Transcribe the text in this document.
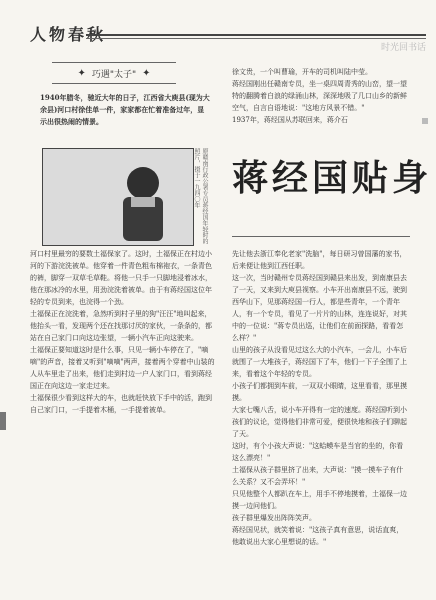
人物春秋
时光回书话
✦ 巧遇"太子" ✦
1940年腊冬，驰近大年的日子，江西省大庾县(现为大余县)河口村徐佳单一件，家家都在忙着准备过年，显示出很热闹的情景。

徐文贵，一个叫曹瑜，开车的司机叫陆中莹。

蒋经国刚出任赣南专员，坐一桌四周青秀的山峦，望一望特的翻腾着白浪的绿涌山林，深深地吸了几口山乡的新鲜空气，自言自语地说："这地方风景不错。"

1937年，蒋经国从苏联回来，蒋介石

原赣南行政公署专员蒋经国年轻时的照片，摄于一九四〇年 蒋经国贴身

河口村里最穷的要数土福保家了。这时，土福保正在村边小河的下游浣洗被单。他穿着一件青色粗布棉袍衣，一条青色的裤，脚穿一双草毛草鞋。将他一只手一只脚地浸着冰水，他在那冰冷的水里，用劲浣洗着被单。由于有蒋经国这位年轻的专员到来，也浣得一个劲。

土福保正在浣洗着，急然听到村子里的狗"汪汪"地叫起来，他抬头一看，发现两个还在找那讨厌的家伙，一条条的，都站在自己家门口向这边张望，一辆小汽车正向这驶来。

土福保正要知道这时是什么事，只见一辆小车停在了，"嘀嘀"的声音，接着又听到"嘀嘀"两声，接着两个穿着中山装的人从车里走了出来，他们走到村边一户人家门口，看到蒋经国正在向这边一家走过来。

土福保很少看到这样大的车，也就赶快放下手中的活，跑到自己家门口，一手提着木桶，一手提着被单。

先让他去浙江奉化老家"洗脑"，每日研习曾国藩的家书，后来便让他到江西任职。

这一次，当时赣州专员蒋经国到赣县来出发，到南康县去了一天，又来到大庾县视察。小车开出南康县不远，驶到西华山下，见那蒋经国一行人，都是些青年，一个青年人，有一个专员，看见了一片片的山林，连连说好，对其中的一位说："蒋专员出巡，让他们在前面探路，看看怎么样？"

山里的孩子从没看见过这么大的小汽车，一会儿，小车后就围了一大堆孩子，蒋经国下了车，他们一下子全围了上来，看着这个年轻的专员。

小孩子们都拥到车前，一双双小眼睛，这里看看，那里摸摸。

大家七嘴八舌，说小车开得有一定的速度。蒋经国听到小孩们的议论，觉得他们非常可爱，便很快地和孩子们聊起了天。

这时，有个小孩大声说："这蛤蟆车是当官的坐的，你看这么漂亮！"

土福保从孩子群里挤了出来，大声说："摸一摸车子有什么关系？又不会弄坏！"

只见他整个人都趴在车上，用手不停地摸着，土福保一边摸一边问他们。

孩子群里爆发出阵阵笑声。

蒋经国见状，就笑着说："这孩子真有意思，说话直爽，他敢说出大家心里想说的话。"
